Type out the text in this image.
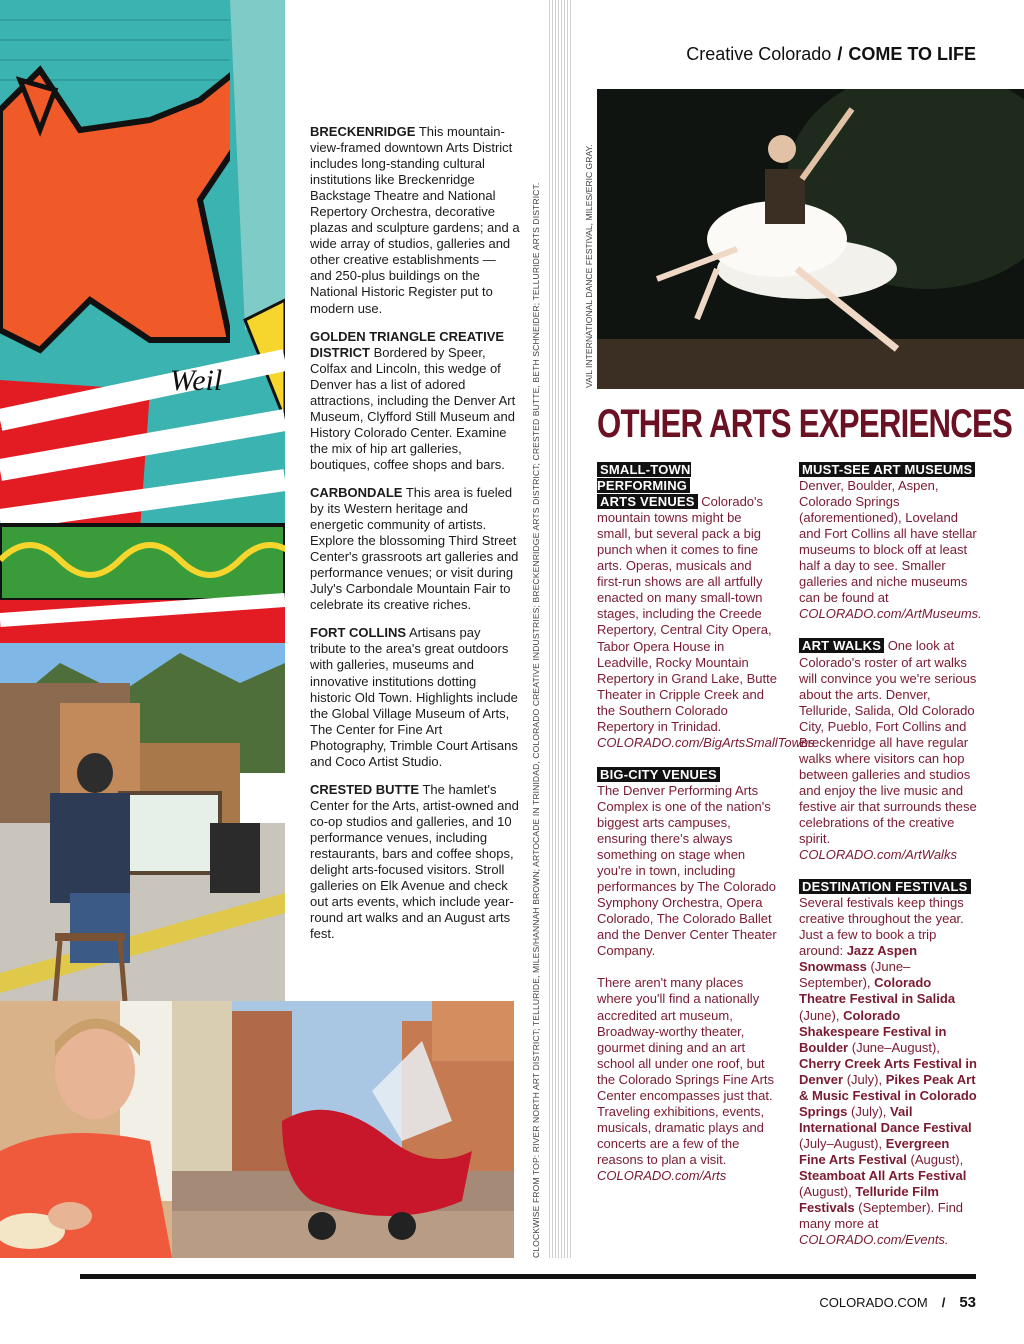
Weil	CLOCKWISE FROM TOP: RIVER NORTH ART DISTRICT; TELLURIDE, MILES/HANNAH BROWN; ARTOCADE IN TRINIDAD, COLORADO CREATIVE INDUSTRIES; BRECKENRIDGE ARTS DISTRICT; CRESTED BUTTE, BETH SCHNEIDER; TELLURIDE ARTS DISTRICT.	VAIL INTERNATIONAL DANCE FESTIVAL, MILES/ERIC GRAY.
Creative Colorado / COME TO LIFE

BRECKENRIDGE This mountain-view-framed downtown Arts District includes long-standing cultural institutions like Breckenridge Backstage Theatre and National Repertory Orchestra, decorative plazas and sculpture gardens; and a wide array of studios, galleries and other creative establishments — and 250-plus buildings on the National Historic Register put to modern use.

GOLDEN TRIANGLE CREATIVE DISTRICT Bordered by Speer, Colfax and Lincoln, this wedge of Denver has a list of adored attractions, including the Denver Art Museum, Clyfford Still Museum and History Colorado Center. Examine the mix of hip art galleries, boutiques, coffee shops and bars.

CARBONDALE This area is fueled by its Western heritage and energetic community of artists. Explore the blossoming Third Street Center's grassroots art galleries and performance venues; or visit during July's Carbondale Mountain Fair to celebrate its creative riches.

FORT COLLINS Artisans pay tribute to the area's great outdoors with galleries, museums and innovative institutions dotting historic Old Town. Highlights include the Global Village Museum of Arts, The Center for Fine Art Photography, Trimble Court Artisans and Coco Artist Studio.

CRESTED BUTTE The hamlet's Center for the Arts, artist-owned and co-op studios and galleries, and 10 performance venues, including restaurants, bars and coffee shops, delight arts-focused visitors. Stroll galleries on Elk Avenue and check out arts events, which include year-round art walks and an August arts fest.

OTHER ARTS EXPERIENCES

SMALL-TOWN PERFORMING
ARTS VENUES Colorado's mountain towns might be small, but several pack a big punch when it comes to fine arts. Operas, musicals and first-run shows are all artfully enacted on many small-town stages, including the Creede Repertory, Central City Opera, Tabor Opera House in Leadville, Rocky Mountain Repertory in Grand Lake, Butte Theater in Cripple Creek and the Southern Colorado Repertory in Trinidad. COLORADO.com/BigArtsSmallTowns

BIG-CITY VENUES
The Denver Performing Arts Complex is one of the nation's biggest arts campuses, ensuring there's always something on stage when you're in town, including performances by The Colorado Symphony Orchestra, Opera Colorado, The Colorado Ballet and the Denver Center Theater Company.

There aren't many places where you'll find a nationally accredited art museum, Broadway-worthy theater, gourmet dining and an art school all under one roof, but the Colorado Springs Fine Arts Center encompasses just that. Traveling exhibitions, events, musicals, dramatic plays and concerts are a few of the reasons to plan a visit. COLORADO.com/Arts

MUST-SEE ART MUSEUMS
Denver, Boulder, Aspen, Colorado Springs (aforementioned), Loveland and Fort Collins all have stellar museums to block off at least half a day to see. Smaller galleries and niche museums can be found at COLORADO.com/ArtMuseums.

ART WALKS One look at Colorado's roster of art walks will convince you we're serious about the arts. Denver, Telluride, Salida, Old Colorado City, Pueblo, Fort Collins and Breckenridge all have regular walks where visitors can hop between galleries and studios and enjoy the live music and festive air that surrounds these celebrations of the creative spirit. COLORADO.com/ArtWalks

DESTINATION FESTIVALS
Several festivals keep things creative throughout the year. Just a few to book a trip around: Jazz Aspen Snowmass (June–September), Colorado Theatre Festival in Salida (June), Colorado Shakespeare Festival in Boulder (June–August), Cherry Creek Arts Festival in Denver (July), Pikes Peak Art & Music Festival in Colorado Springs (July), Vail International Dance Festival (July–August), Evergreen Fine Arts Festival (August), Steamboat All Arts Festival (August), Telluride Film Festivals (September). Find many more at COLORADO.com/Events.

COLORADO.COM / 53
